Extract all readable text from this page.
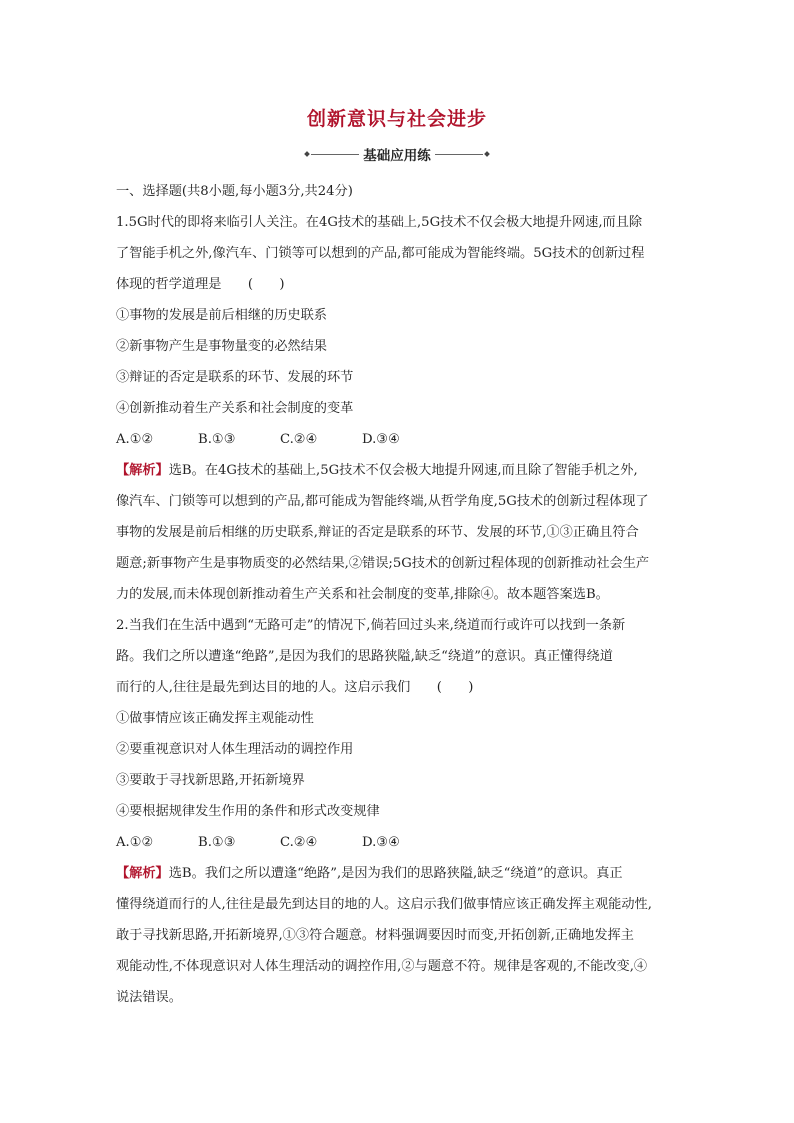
创新意识与社会进步
基础应用练

一、选择题(共8小题,每小题3分,共24分)

1.5G时代的即将来临引人关注。在4G技术的基础上,5G技术不仅会极大地提升网速,而且除

了智能手机之外,像汽车、门锁等可以想到的产品,都可能成为智能终端。5G技术的创新过程

体现的哲学道理是　　(　　)

①事物的发展是前后相继的历史联系

②新事物产生是事物量变的必然结果

③辩证的否定是联系的环节、发展的环节

④创新推动着生产关系和社会制度的变革

A.①②	B.①③	C.②④	D.③④

【解析】选B。在4G技术的基础上,5G技术不仅会极大地提升网速,而且除了智能手机之外,

像汽车、门锁等可以想到的产品,都可能成为智能终端,从哲学角度,5G技术的创新过程体现了

事物的发展是前后相继的历史联系,辩证的否定是联系的环节、发展的环节,①③正确且符合

题意;新事物产生是事物质变的必然结果,②错误;5G技术的创新过程体现的创新推动社会生产

力的发展,而未体现创新推动着生产关系和社会制度的变革,排除④。故本题答案选B。

2.当我们在生活中遇到“无路可走”的情况下,倘若回过头来,绕道而行或许可以找到一条新

路。我们之所以遭逢“绝路”,是因为我们的思路狭隘,缺乏“绕道”的意识。真正懂得绕道

而行的人,往往是最先到达目的地的人。这启示我们　　(　　)

①做事情应该正确发挥主观能动性

②要重视意识对人体生理活动的调控作用

③要敢于寻找新思路,开拓新境界

④要根据规律发生作用的条件和形式改变规律

A.①②	B.①③	C.②④	D.③④

【解析】选B。我们之所以遭逢“绝路”,是因为我们的思路狭隘,缺乏“绕道”的意识。真正

懂得绕道而行的人,往往是最先到达目的地的人。这启示我们做事情应该正确发挥主观能动性,

敢于寻找新思路,开拓新境界,①③符合题意。材料强调要因时而变,开拓创新,正确地发挥主

观能动性,不体现意识对人体生理活动的调控作用,②与题意不符。规律是客观的,不能改变,④

说法错误。
